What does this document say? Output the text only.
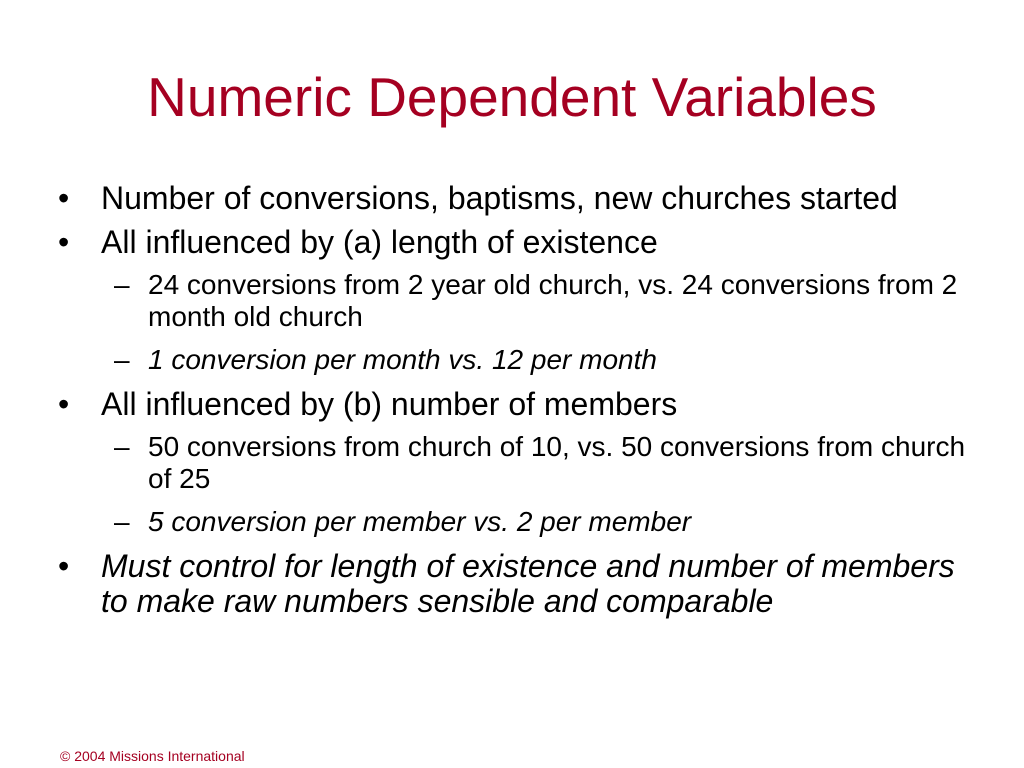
Numeric Dependent Variables
• Number of conversions, baptisms, new churches started
• All influenced by (a) length of existence
– 24 conversions from 2 year old church, vs. 24 conversions from 2 month old church
– 1 conversion per month vs. 12 per month
• All influenced by (b) number of members
– 50 conversions from church of 10, vs. 50 conversions from church of 25
– 5 conversion per member vs. 2 per member
• Must control for length of existence and number of members to make raw numbers sensible and comparable
© 2004 Missions International
